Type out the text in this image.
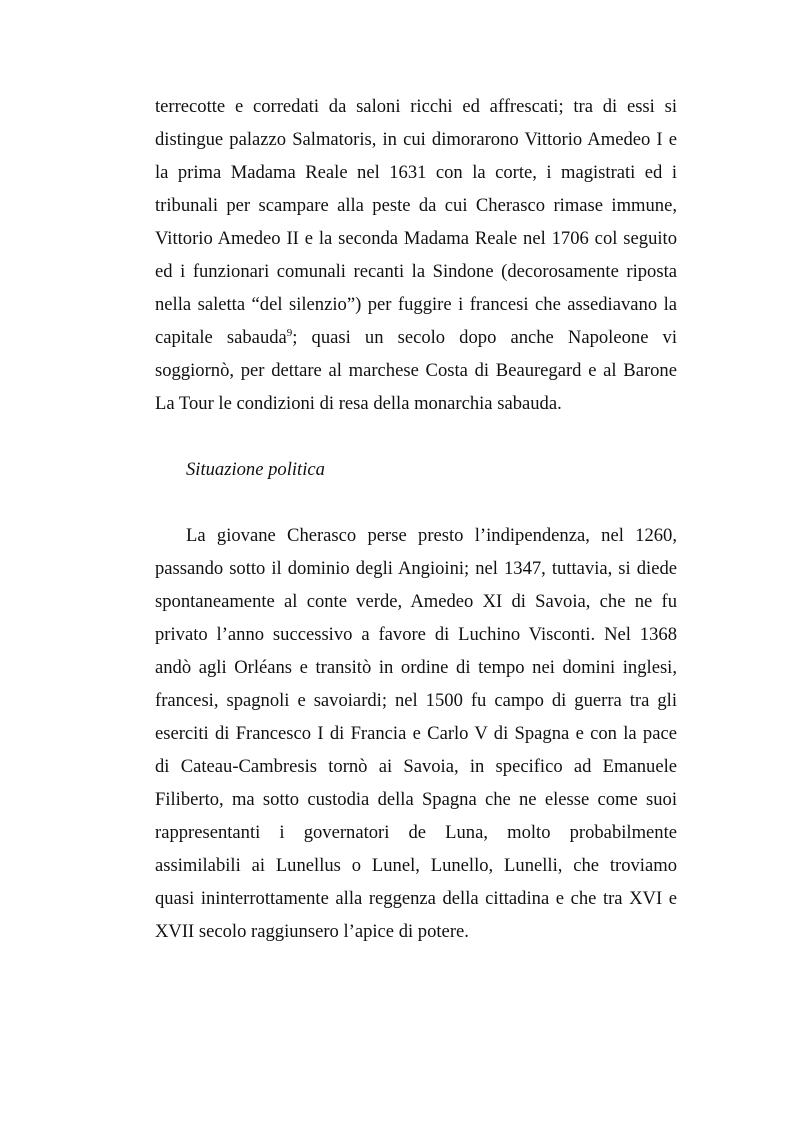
terrecotte e corredati da saloni ricchi ed affrescati; tra di essi si
distingue palazzo Salmatoris, in cui dimorarono Vittorio Amedeo I e
la prima Madama Reale nel 1631 con la corte, i magistrati ed i
tribunali per scampare alla peste da cui Cherasco rimase immune,
Vittorio Amedeo II e la seconda Madama Reale nel 1706 col seguito
ed i funzionari comunali recanti la Sindone (decorosamente riposta
nella saletta “del silenzio”) per fuggire i francesi che assediavano la
capitale sabauda$^9$; quasi un secolo dopo anche Napoleone vi
soggiornò, per dettare al marchese Costa di Beauregard e al Barone
La Tour le condizioni di resa della monarchia sabauda.
Situazione politica
La giovane Cherasco perse presto l’indipendenza, nel 1260,
passando sotto il dominio degli Angioini; nel 1347, tuttavia, si diede
spontaneamente al conte verde, Amedeo XI di Savoia, che ne fu
privato l’anno successivo a favore di Luchino Visconti. Nel 1368
andò agli Orléans e transitò in ordine di tempo nei domini inglesi,
francesi, spagnoli e savoiardi; nel 1500 fu campo di guerra tra gli
eserciti di Francesco I di Francia e Carlo V di Spagna e con la pace
di Cateau-Cambresis tornò ai Savoia, in specifico ad Emanuele
Filiberto, ma sotto custodia della Spagna che ne elesse come suoi
rappresentanti i governatori de Luna, molto probabilmente
assimilabili ai Lunellus o Lunel, Lunello, Lunelli, che troviamo
quasi ininterrottamente alla reggenza della cittadina e che tra XVI e
XVII secolo raggiunsero l’apice di potere.
